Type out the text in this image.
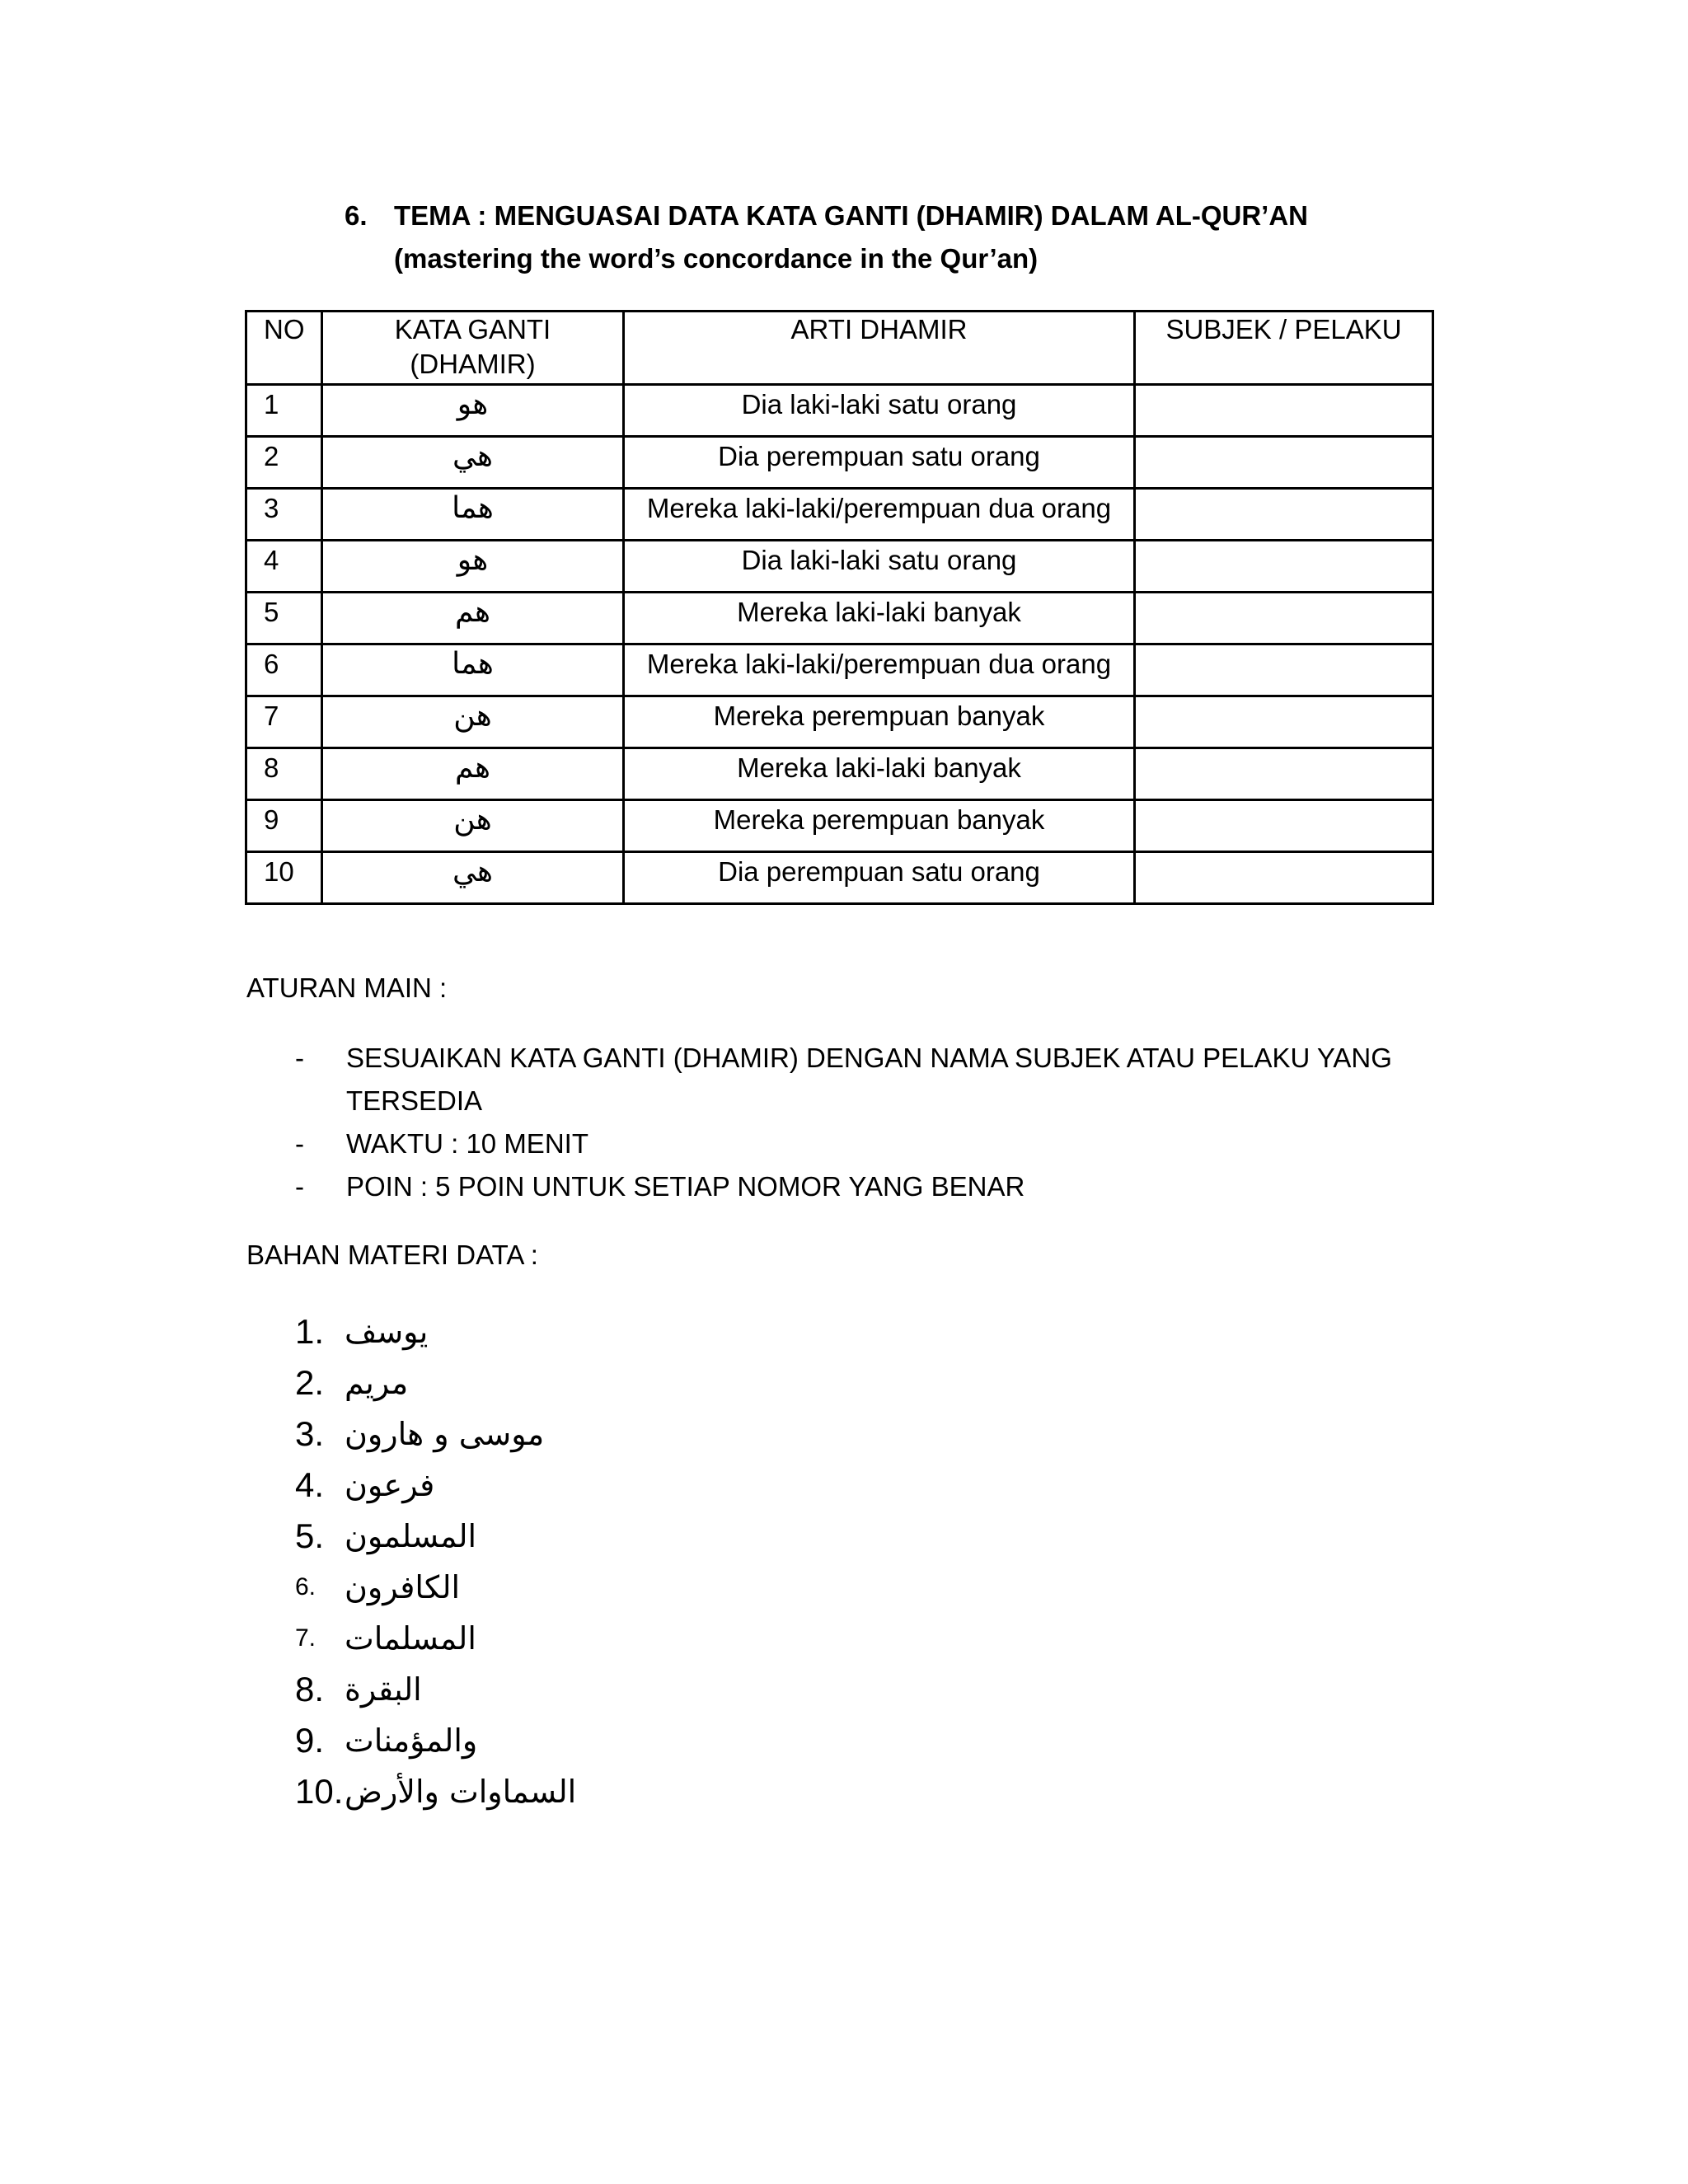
6. TEMA : MENGUASAI DATA KATA GANTI (DHAMIR) DALAM AL-QUR’AN
(mastering the word’s concordance in the Qur’an)
NO	KATA GANTI (DHAMIR)	ARTI DHAMIR	SUBJEK / PELAKU
1	هو	Dia laki-laki satu orang	
2	هي	Dia perempuan satu orang	
3	هما	Mereka laki-laki/perempuan dua orang	
4	هو	Dia laki-laki satu orang	
5	هم	Mereka laki-laki banyak	
6	هما	Mereka laki-laki/perempuan dua orang	
7	هن	Mereka perempuan banyak	
8	هم	Mereka laki-laki banyak	
9	هن	Mereka perempuan banyak	
10	هي	Dia perempuan satu orang	
ATURAN MAIN :
- SESUAIKAN KATA GANTI (DHAMIR) DENGAN NAMA SUBJEK ATAU PELAKU YANG TERSEDIA
- WAKTU : 10 MENIT
- POIN : 5 POIN UNTUK SETIAP NOMOR YANG BENAR
BAHAN MATERI DATA :
1. يوسف
2. مريم
3. موسى و هارون
4. فرعون
5. المسلمون
6. الكافرون
7. المسلمات
8. البقرة
9. والمؤمنات
10. السماوات والأرض
